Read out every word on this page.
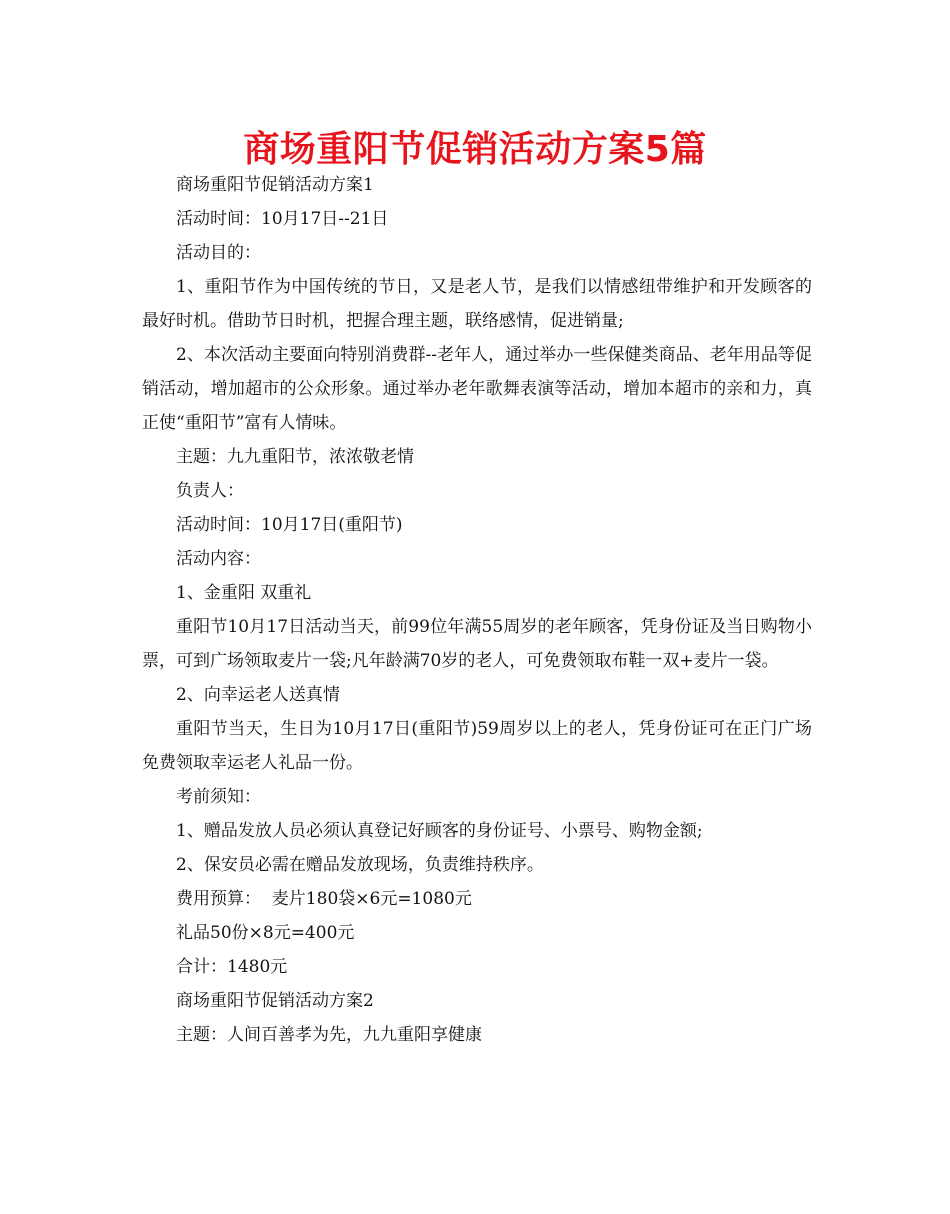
商场重阳节促销活动方案5篇

商场重阳节促销活动方案1

活动时间：10月17日--21日

活动目的：

1、重阳节作为中国传统的节日，又是老人节，是我们以情感纽带维护和开发顾客的最好时机。借助节日时机，把握合理主题，联络感情，促进销量;

2、本次活动主要面向特别消费群--老年人，通过举办一些保健类商品、老年用品等促销活动，增加超市的公众形象。通过举办老年歌舞表演等活动，增加本超市的亲和力，真正使“重阳节”富有人情味。

主题：九九重阳节，浓浓敬老情

负责人：

活动时间：10月17日(重阳节)

活动内容：

1、金重阳 双重礼

重阳节10月17日活动当天，前99位年满55周岁的老年顾客，凭身份证及当日购物小票，可到广场领取麦片一袋;凡年龄满70岁的老人，可免费领取布鞋一双+麦片一袋。

2、向幸运老人送真情

重阳节当天，生日为10月17日(重阳节)59周岁以上的老人，凭身份证可在正门广场免费领取幸运老人礼品一份。

考前须知：

1、赠品发放人员必须认真登记好顾客的身份证号、小票号、购物金额;

2、保安员必需在赠品发放现场，负责维持秩序。

费用预算：  麦片180袋×6元=1080元

礼品50份×8元=400元

合计：1480元

商场重阳节促销活动方案2

主题：人间百善孝为先，九九重阳享健康
